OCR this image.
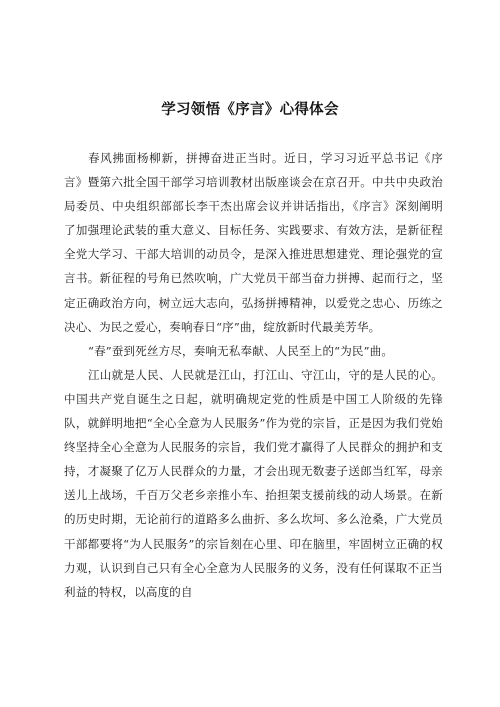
学习领悟《序言》心得体会

春风拂面杨柳新，拼搏奋进正当时。近日，学习习近平总书记《序言》暨第六批全国干部学习培训教材出版座谈会在京召开。中共中央政治局委员、中央组织部部长李干杰出席会议并讲话指出，《序言》深刻阐明了加强理论武装的重大意义、目标任务、实践要求、有效方法，是新征程全党大学习、干部大培训的动员令，是深入推进思想建党、理论强党的宣言书。新征程的号角已然吹响，广大党员干部当奋力拼搏、起而行之，坚定正确政治方向，树立远大志向，弘扬拼搏精神，以爱党之忠心、历练之决心、为民之爱心，奏响春日“序”曲，绽放新时代最美芳华。

“春”蚕到死丝方尽，奏响无私奉献、人民至上的“为民”曲。

江山就是人民、人民就是江山，打江山、守江山，守的是人民的心。中国共产党自诞生之日起，就明确规定党的性质是中国工人阶级的先锋队，就鲜明地把“全心全意为人民服务”作为党的宗旨，正是因为我们党始终坚持全心全意为人民服务的宗旨，我们党才赢得了人民群众的拥护和支持，才凝聚了亿万人民群众的力量，才会出现无数妻子送郎当红军，母亲送儿上战场，千百万父老乡亲推小车、抬担架支援前线的动人场景。在新的历史时期，无论前行的道路多么曲折、多么坎坷、多么沧桑，广大党员干部都要将“为人民服务”的宗旨刻在心里、印在脑里，牢固树立正确的权力观，认识到自己只有全心全意为人民服务的义务，没有任何谋取不正当利益的特权，以高度的自
